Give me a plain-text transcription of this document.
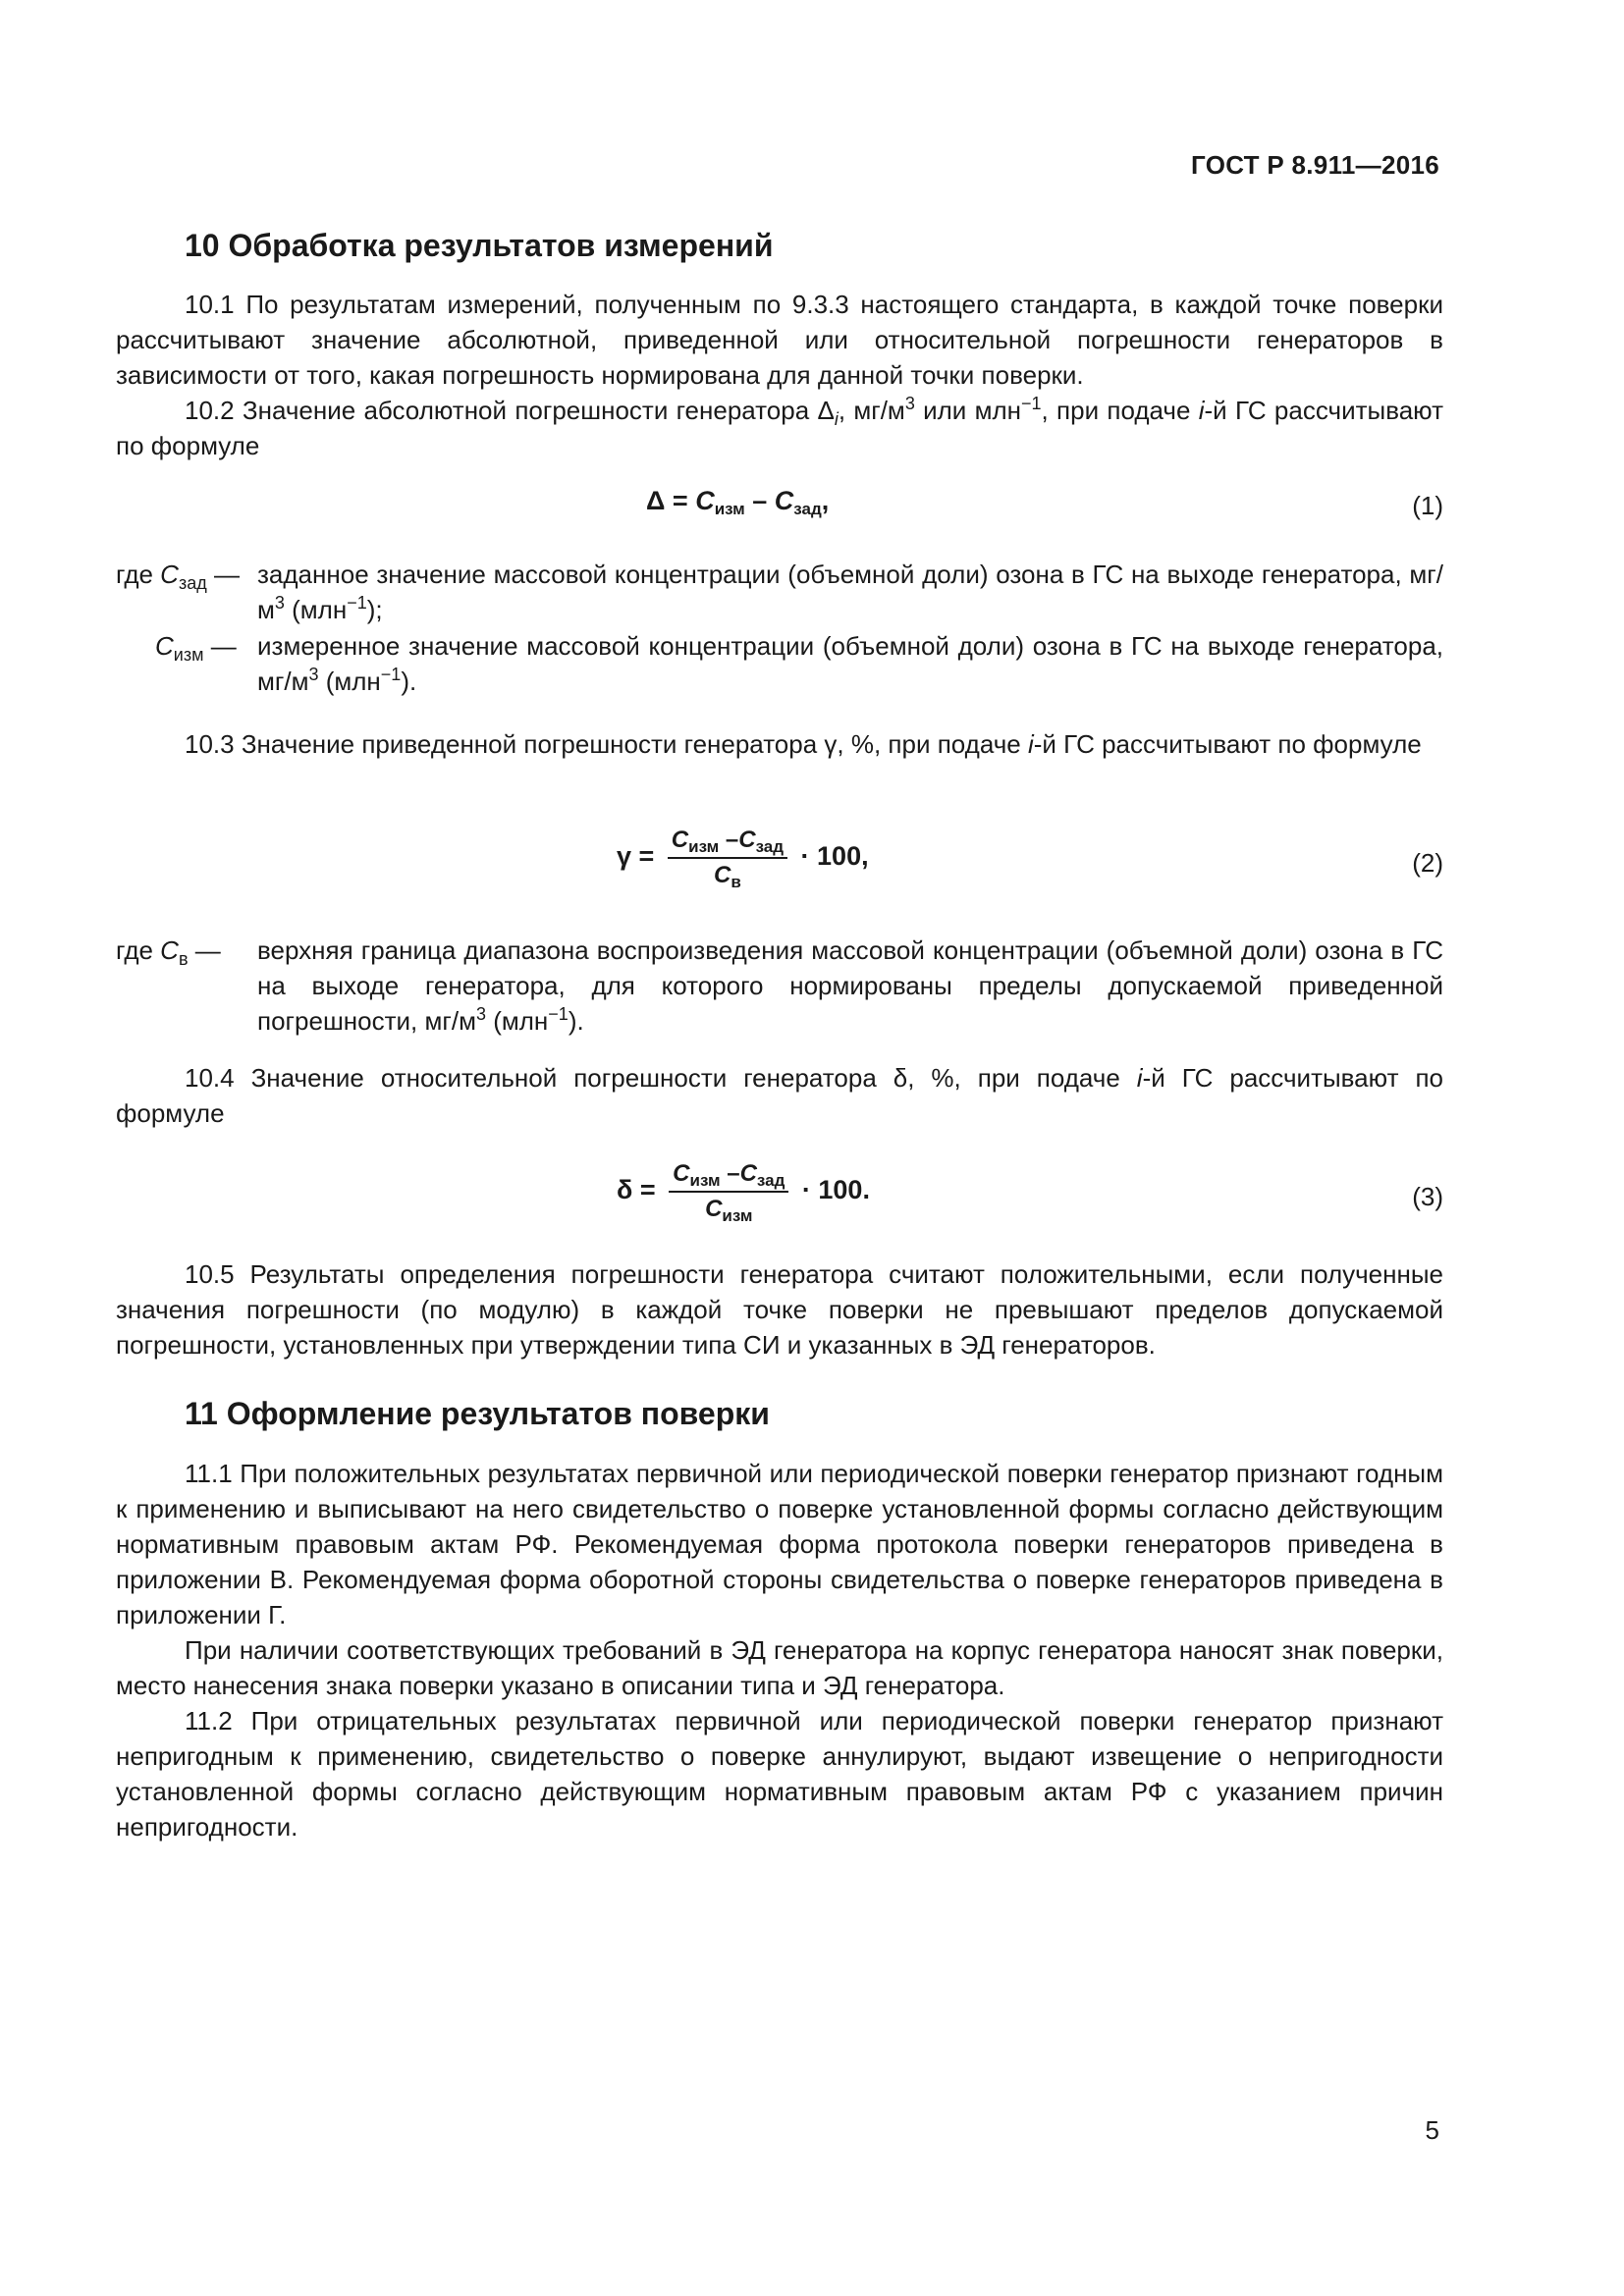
ГОСТ Р 8.911—2016
10 Обработка результатов измерений
10.1 По результатам измерений, полученным по 9.3.3 настоящего стандарта, в каждой точке поверки рассчитывают значение абсолютной, приведенной или относительной погрешности генераторов в зависимости от того, какая погрешность нормирована для данной точки поверки.
10.2 Значение абсолютной погрешности генератора $\Delta_i$, $мг/м^3$ или млн$^{-1}$, при подаче i-й ГС рассчитывают по формуле
Δ = Cизм – Cзад,	(1)
где $C_{зад}$ — заданное значение массовой концентрации (объемной доли) озона в ГС на выходе генератора, $мг/м^3$ (млн$^{-1}$);
$C_{изм}$ — измеренное значение массовой концентрации (объемной доли) озона в ГС на выходе генератора, $мг/м^3$ (млн$^{-1}$).
10.3 Значение приведенной погрешности генератора γ, %, при подаче i-й ГС рассчитывают по формуле
$\gamma = \frac{C_{изм} -C_{зад}}{C_в} \cdot 100$,	(2)
где $C_в$ — верхняя граница диапазона воспроизведения массовой концентрации (объемной доли) озона в ГС на выходе генератора, для которого нормированы пределы допускаемой приведенной погрешности, $мг/м^3$ (млн$^{-1}$).
10.4 Значение относительной погрешности генератора δ, %, при подаче i-й ГС рассчитывают по формуле
$\delta = \frac{C_{изм} -C_{зад}}{C_{изм}} \cdot 100$.	(3)
10.5 Результаты определения погрешности генератора считают положительными, если полученные значения погрешности (по модулю) в каждой точке поверки не превышают пределов допускаемой погрешности, установленных при утверждении типа СИ и указанных в ЭД генераторов.
11 Оформление результатов поверки
11.1 При положительных результатах первичной или периодической поверки генератор признают годным к применению и выписывают на него свидетельство о поверке установленной формы согласно действующим нормативным правовым актам РФ. Рекомендуемая форма протокола поверки генераторов приведена в приложении В. Рекомендуемая форма оборотной стороны свидетельства о поверке генераторов приведена в приложении Г.
При наличии соответствующих требований в ЭД генератора на корпус генератора наносят знак поверки, место нанесения знака поверки указано в описании типа и ЭД генератора.
11.2 При отрицательных результатах первичной или периодической поверки генератор признают непригодным к применению, свидетельство о поверке аннулируют, выдают извещение о непригодности установленной формы согласно действующим нормативным правовым актам РФ с указанием причин непригодности.
5
